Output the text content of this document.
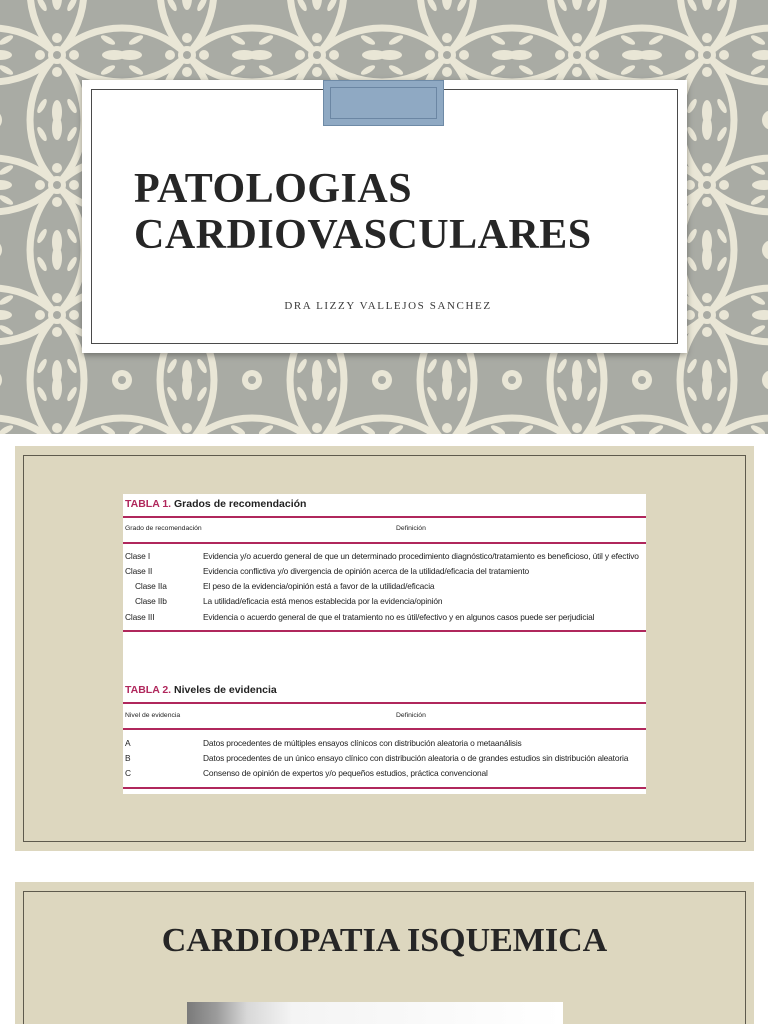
PATOLOGIAS
CARDIOVASCULARES
DRA LIZZY VALLEJOS SANCHEZ
TABLA 1. Grados de recomendación
Grado de recomendación	Definición
Clase I	Evidencia y/o acuerdo general de que un determinado procedimiento diagnóstico/tratamiento es beneficioso, útil y efectivo
Clase II	Evidencia conflictiva y/o divergencia de opinión acerca de la utilidad/eficacia del tratamiento
Clase IIa	El peso de la evidencia/opinión está a favor de la utilidad/eficacia
Clase IIb	La utilidad/eficacia está menos establecida por la evidencia/opinión
Clase III	Evidencia o acuerdo general de que el tratamiento no es útil/efectivo y en algunos casos puede ser perjudicial
TABLA 2. Niveles de evidencia
Nivel de evidencia	Definición
A	Datos procedentes de múltiples ensayos clínicos con distribución aleatoria o metaanálisis
B	Datos procedentes de un único ensayo clínico con distribución aleatoria o de grandes estudios sin distribución aleatoria
C	Consenso de opinión de expertos y/o pequeños estudios, práctica convencional
CARDIOPATIA ISQUEMICA
